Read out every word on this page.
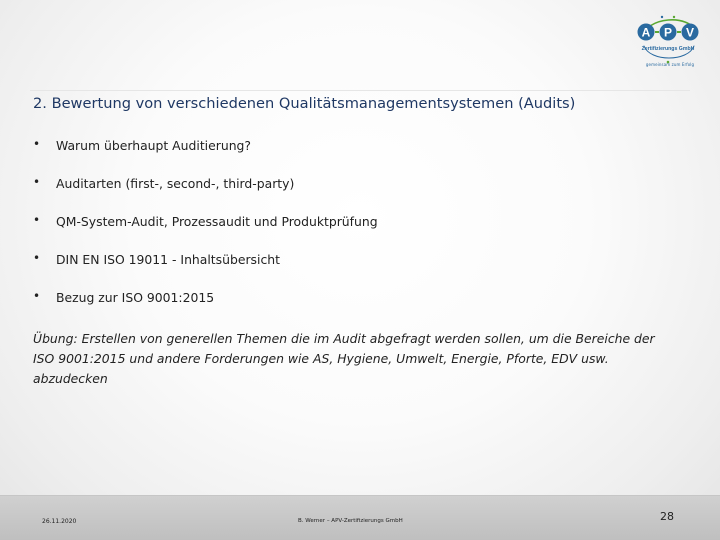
A P V
Zertifizierungs GmbH
gemeinsam zum Erfolg
2. Bewertung von verschiedenen Qualitätsmanagementsystemen (Audits)
• Warum überhaupt Auditierung?
• Auditarten (first-, second-, third-party)
• QM-System-Audit, Prozessaudit und Produktprüfung
• DIN EN ISO 19011 - Inhaltsübersicht
• Bezug zur ISO 9001:2015
Übung: Erstellen von generellen Themen die im Audit abgefragt werden sollen, um die Bereiche der ISO 9001:2015 und andere Forderungen wie AS, Hygiene, Umwelt, Energie, Pforte, EDV usw. abzudecken
26.11.2020	B. Werner – APV-Zertifizierungs GmbH	28
